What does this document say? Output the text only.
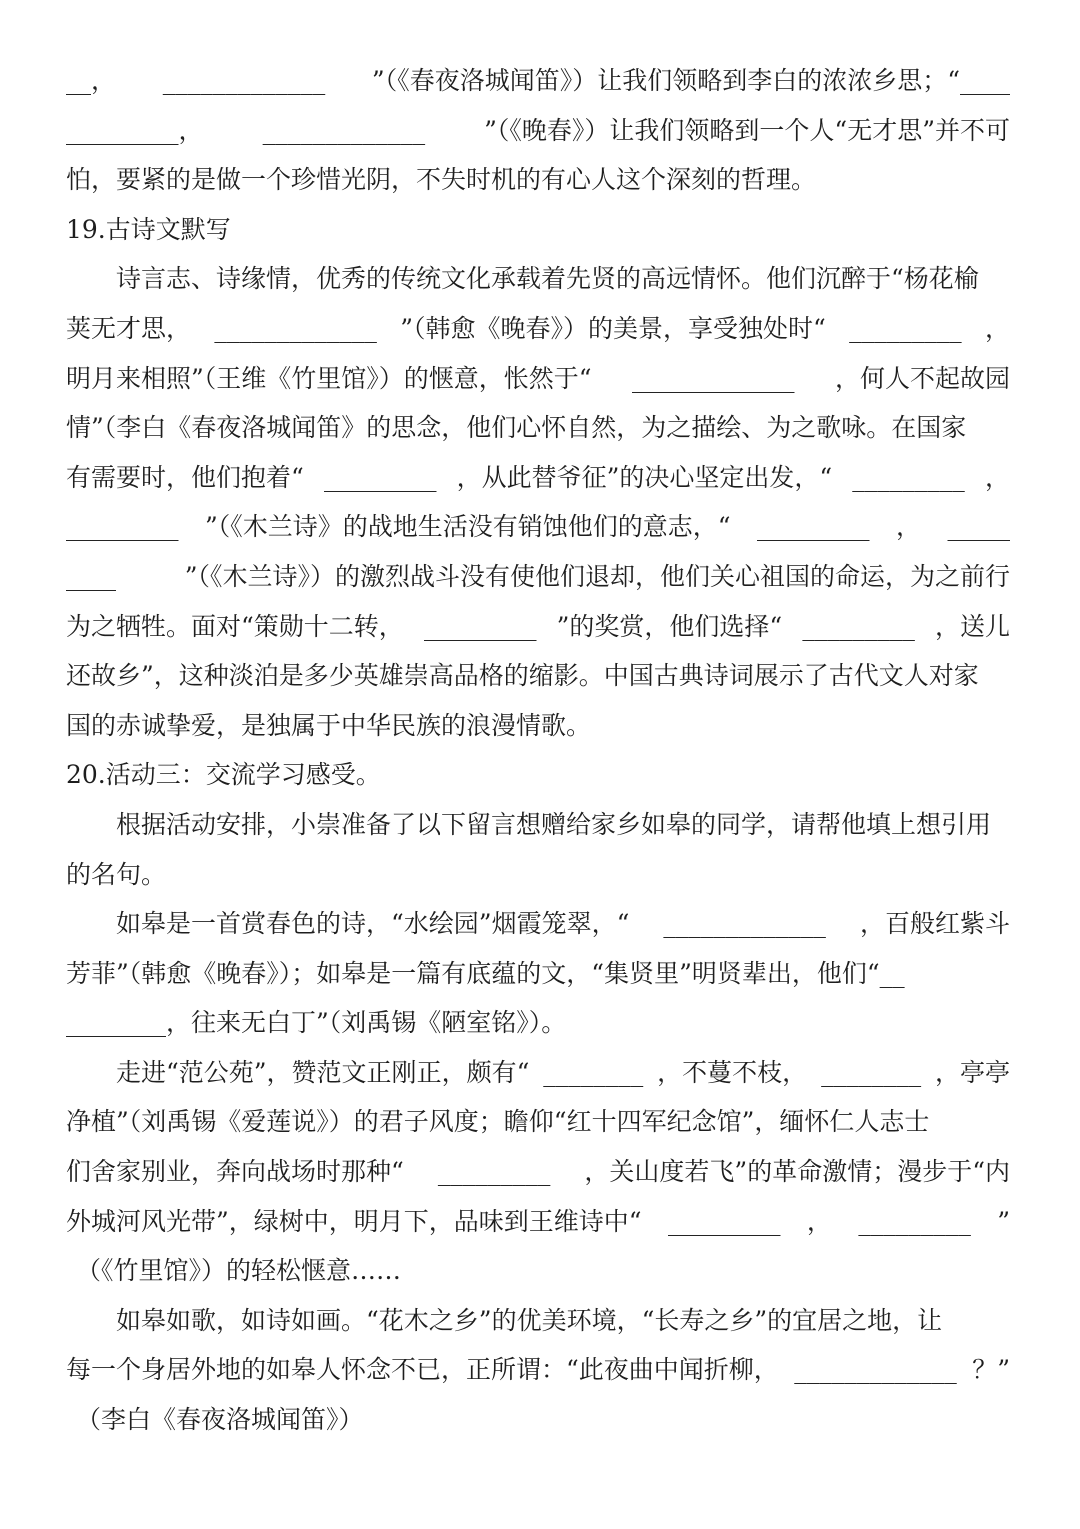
__， _____________ ”（《春夜洛城闻笛》）让我们领略到李白的浓浓乡思；“____
_________， _____________ ”（《晚春》）让我们领略到一个人“无才思”并不可
怕，要紧的是做一个珍惜光阴，不失时机的有心人这个深刻的哲理。
19.古诗文默写
诗言志、诗缘情，优秀的传统文化承载着先贤的高远情怀。他们沉醉于“杨花榆
荚无才思， _____________ ”（韩愈《晚春》）的美景，享受独处时“ _________ ，
明月来相照”（王维《竹里馆》）的惬意，怅然于“ _____________ ，何人不起故园
情”（李白《春夜洛城闻笛》的思念，他们心怀自然，为之描绘、为之歌咏。在国家
有需要时，他们抱着“ _________ ，从此替爷征”的决心坚定出发，“ _________ ，
_________ ”（《木兰诗》的战地生活没有销蚀他们的意志，“ _________ ， _____
____	”（《木兰诗》）的激烈战斗没有使他们退却，他们关心祖国的命运，为之前行
为之牺牲。面对“策勋十二转， _________ ”的奖赏，他们选择“ _________ ，送儿
还故乡”，这种淡泊是多少英雄崇高品格的缩影。中国古典诗词展示了古代文人对家
国的赤诚挚爱，是独属于中华民族的浪漫情歌。
20.活动三：交流学习感受。
根据活动安排，小崇准备了以下留言想赠给家乡如皋的同学，请帮他填上想引用
的名句。
如皋是一首赏春色的诗，“水绘园”烟霞笼翠，“ _____________ ，百般红紫斗
芳菲”（韩愈《晚春》）；如皋是一篇有底蕴的文，“集贤里”明贤辈出，他们“__
________ ，往来无白丁”（刘禹锡《陋室铭》）。
走进“范公苑”，赞范文正刚正，颇有“ ________ ，不蔓不枝， ________ ，亭亭
净植”（刘禹锡《爱莲说》）的君子风度；瞻仰“红十四军纪念馆”，缅怀仁人志士
们舍家别业，奔向战场时那种“ _________ ，关山度若飞”的革命激情；漫步于“内
外城河风光带”，绿树中，明月下，品味到王维诗中“ _________ ， _________ ”
（《竹里馆》）的轻松惬意……
如皋如歌，如诗如画。“花木之乡”的优美环境，“长寿之乡”的宜居之地，让
每一个身居外地的如皋人怀念不已，正所谓：“此夜曲中闻折柳， _____________ ？”
（李白《春夜洛城闻笛》）
